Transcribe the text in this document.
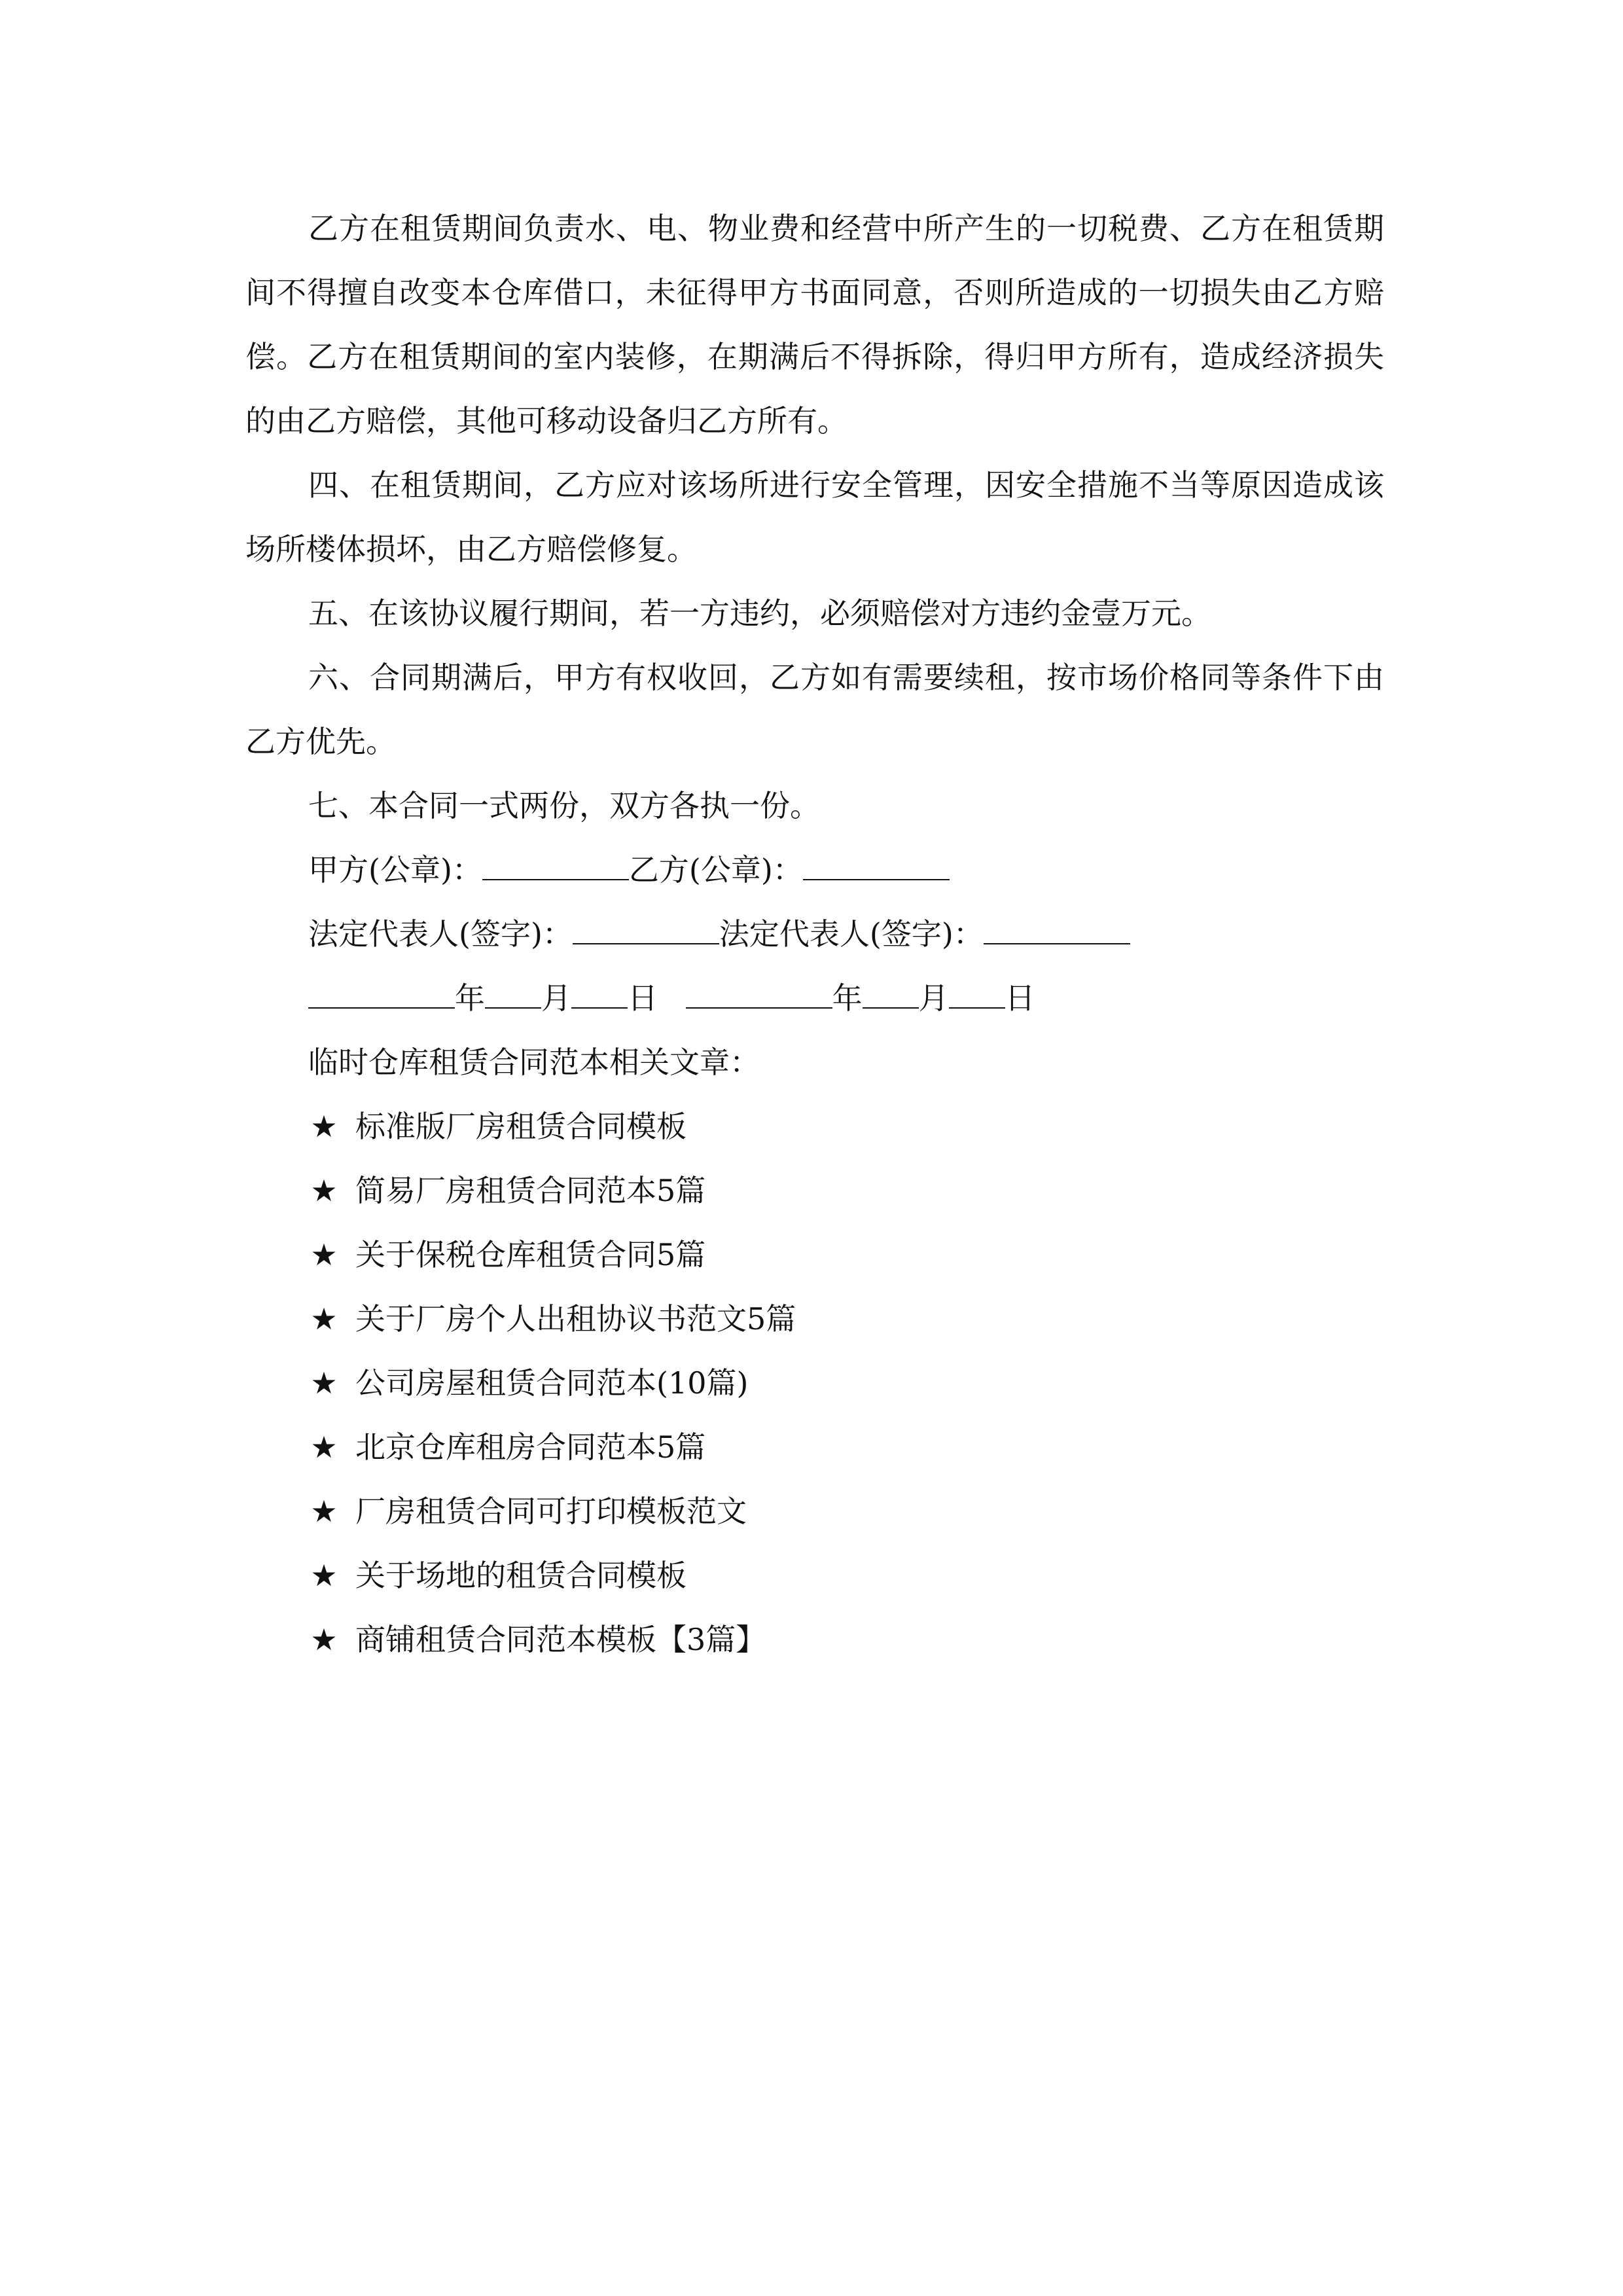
乙方在租赁期间负责水、电、物业费和经营中所产生的一切税费、乙方在租赁期间不得擅自改变本仓库借口，未征得甲方书面同意，否则所造成的一切损失由乙方赔偿。乙方在租赁期间的室内装修，在期满后不得拆除，得归甲方所有，造成经济损失的由乙方赔偿，其他可移动设备归乙方所有。

四、在租赁期间，乙方应对该场所进行安全管理，因安全措施不当等原因造成该场所楼体损坏，由乙方赔偿修复。

五、在该协议履行期间，若一方违约，必须赔偿对方违约金壹万元。

六、合同期满后，甲方有权收回，乙方如有需要续租，按市场价格同等条件下由乙方优先。

七、本合同一式两份，双方各执一份。

甲方(公章)：	乙方(公章)：
法定代表人(签字)：	法定代表人(签字)：
年 月 日	年 月 日
临时仓库租赁合同范本相关文章：
★ 标准版厂房租赁合同模板
★ 简易厂房租赁合同范本5篇
★ 关于保税仓库租赁合同5篇
★ 关于厂房个人出租协议书范文5篇
★ 公司房屋租赁合同范本(10篇)
★ 北京仓库租房合同范本5篇
★ 厂房租赁合同可打印模板范文
★ 关于场地的租赁合同模板
★ 商铺租赁合同范本模板【3篇】
